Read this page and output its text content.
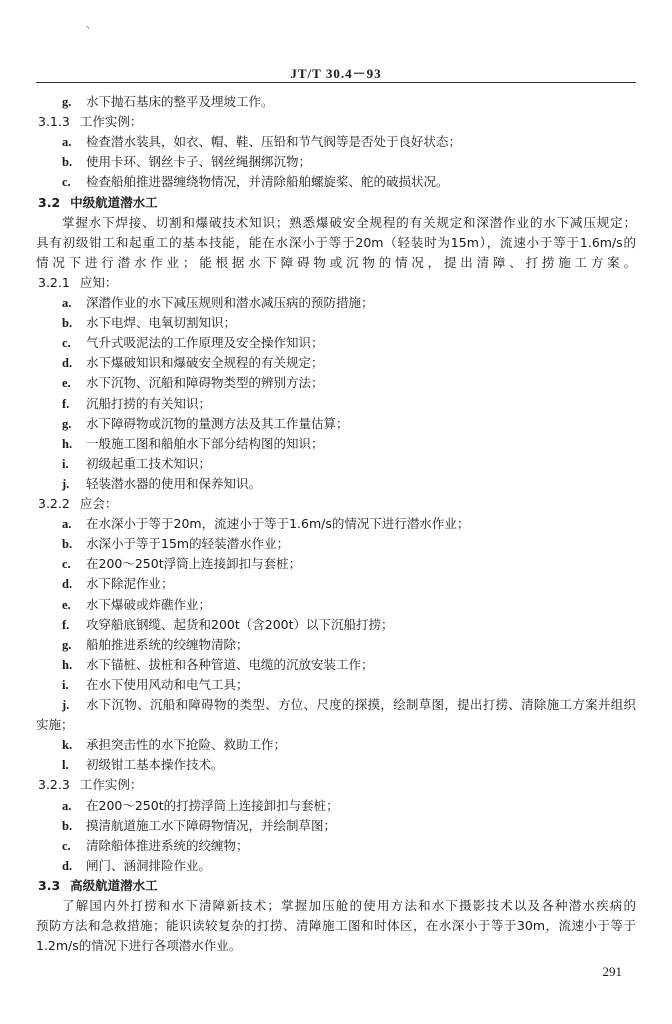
、
JT/T 30.4－93
g. 水下抛石基床的整平及埋坡工作。
3.1.3 工作实例：
a. 检查潜水装具，如衣、帽、鞋、压铅和节气阀等是否处于良好状态；
b. 使用卡环、钢丝卡子、钢丝绳捆绑沉物；
c. 检查船舶推进器缠绕物情况，并清除船舶螺旋桨、舵的破损状况。
3.2 中级航道潜水工
掌握水下焊接、切割和爆破技术知识；熟悉爆破安全规程的有关规定和深潜作业的水下减压规定；
具有初级钳工和起重工的基本技能，能在水深小于等于20m（轻装时为15m），流速小于等于1.6m/s的
情况下进行潜水作业；能根据水下障碍物或沉物的情况，提出清障、打捞施工方案。
3.2.1 应知：
a. 深潜作业的水下减压规则和潜水减压病的预防措施；
b. 水下电焊、电氧切割知识；
c. 气升式吸泥法的工作原理及安全操作知识；
d. 水下爆破知识和爆破安全规程的有关规定；
e. 水下沉物、沉船和障碍物类型的辨别方法；
f. 沉船打捞的有关知识；
g. 水下障碍物或沉物的量测方法及其工作量估算；
h. 一般施工图和船舶水下部分结构图的知识；
i. 初级起重工技术知识；
j. 轻装潜水器的使用和保养知识。
3.2.2 应会：
a. 在水深小于等于20m，流速小于等于1.6m/s的情况下进行潜水作业；
b. 水深小于等于15m的轻装潜水作业；
c. 在200～250t浮筒上连接卸扣与套桩；
d. 水下除泥作业；
e. 水下爆破或炸礁作业；
f. 攻穿船底钢缆、起货和200t（含200t）以下沉船打捞；
g. 船舶推进系统的绞缠物清除；
h. 水下锚桩、拔桩和各种管道、电缆的沉放安装工作；
i. 在水下使用风动和电气工具；
j. 水下沉物、沉船和障碍物的类型、方位、尺度的探摸，绘制草图，提出打捞、清除施工方案并组织
实施；
k. 承担突击性的水下抢险、救助工作；
l. 初级钳工基本操作技术。
3.2.3 工作实例：
a. 在200～250t的打捞浮筒上连接卸扣与套桩；
b. 摸清航道施工水下障碍物情况，并绘制草图；
c. 清除船体推进系统的绞缠物；
d. 闸门、涵洞排险作业。
3.3 高级航道潜水工
了解国内外打捞和水下清障新技术；掌握加压舱的使用方法和水下摄影技术以及各种潜水疾病的
预防方法和急救措施；能识读较复杂的打捞、清障施工图和时体区，在水深小于等于30m，流速小于等于
1.2m/s的情况下进行各项潜水作业。
291
